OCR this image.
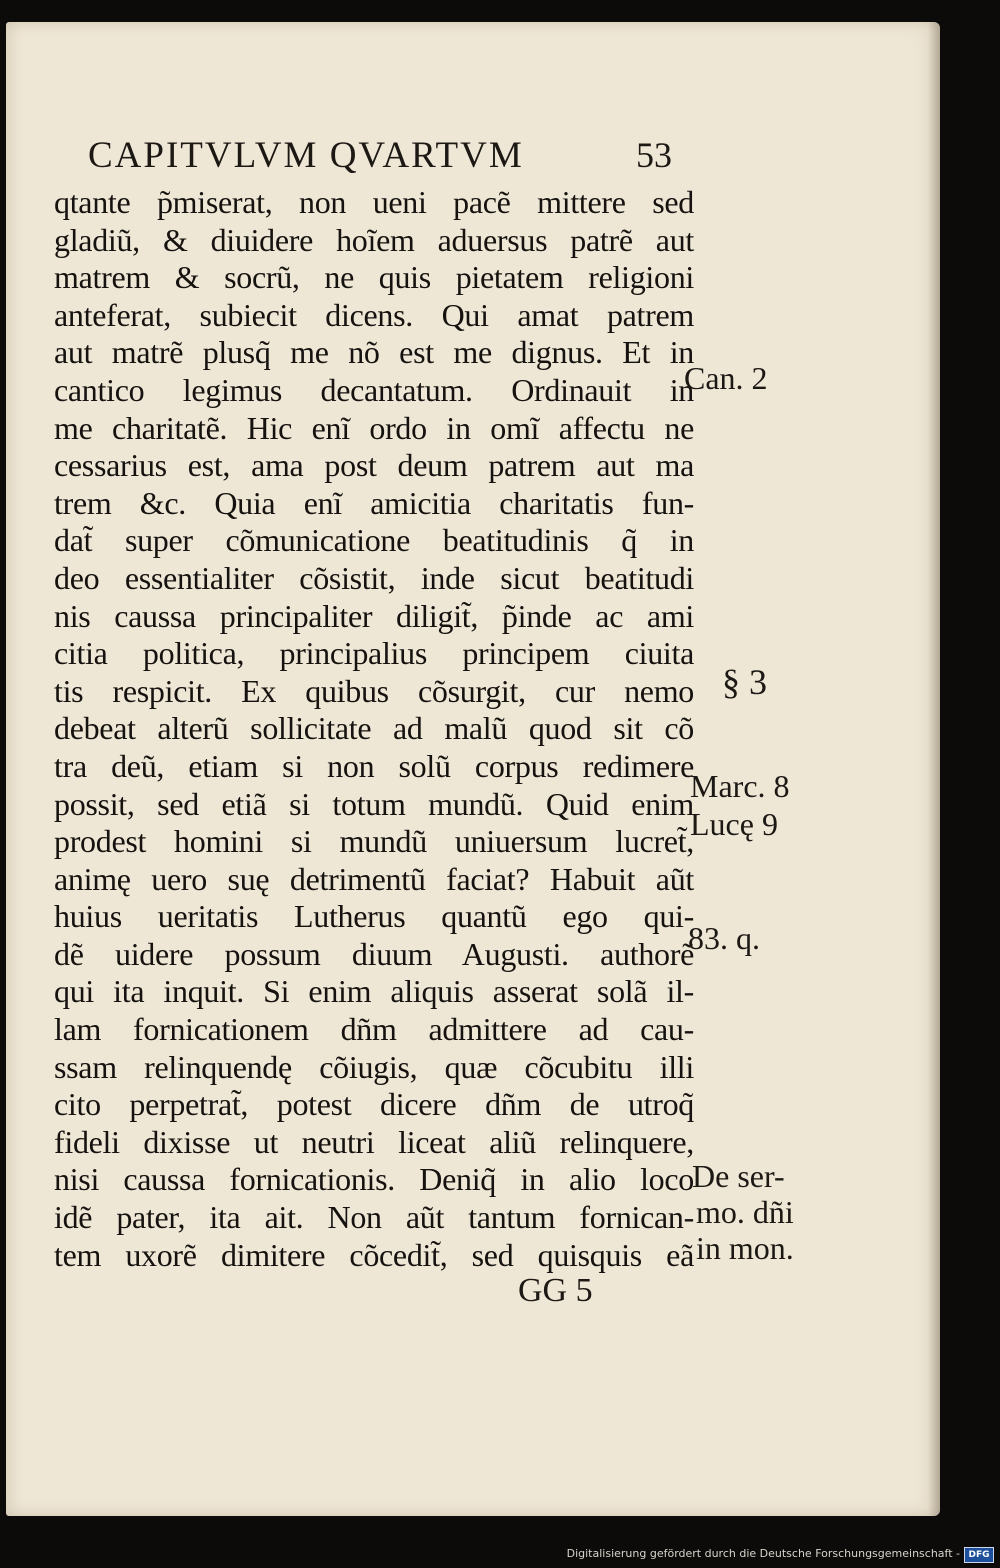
CAPITVLVM QVARTVM	53
qtante p̃miserat, non ueni pacẽ mittere sed
gladiũ, & diuidere hoĩem aduersus patrẽ aut
matrem & socrũ, ne quis pietatem religioni
anteferat, subiecit dicens. Qui amat patrem
aut matrẽ plusq̃ me nõ est me dignus. Et in
cantico legimus decantatum. Ordinauit in
me charitatẽ. Hic enĩ ordo in omĩ affectu ne
cessarius est, ama post deum patrem aut ma
trem &c. Quia enĩ amicitia charitatis fun-
dat̃ super cõmunicatione beatitudinis q̃ in
deo essentialiter cõsistit, inde sicut beatitudi
nis caussa principaliter diligit̃, p̃inde ac ami
citia politica, principalius principem ciuita
tis respicit. Ex quibus cõsurgit, cur nemo
debeat alterũ sollicitate ad malũ quod sit cõ
tra deũ, etiam si non solũ corpus redimere
possit, sed etiã si totum mundũ. Quid enim
prodest homini si mundũ uniuersum lucret̃,
animę uero suę detrimentũ faciat? Habuit aũt
huius ueritatis Lutherus quantũ ego qui-
dẽ uidere possum diuum Augusti. authorẽ
qui ita inquit. Si enim aliquis asserat solã il-
lam fornicationem dñm admittere ad cau-
ssam relinquendę cõiugis, quæ cõcubitu illi
cito perpetrat̃, potest dicere dñm de utroq̃
fideli dixisse ut neutri liceat aliũ relinquere,
nisi caussa fornicationis. Deniq̃ in alio loco
idẽ pater, ita ait. Non aũt tantum fornican-
tem uxorẽ dimitere cõcedit̃, sed quisquis eã
GG 5
Can. 2
§ 3
Marc. 8
Lucę 9
83. q.
De ser-
mo. dñi
in mon.
Digitalisierung gefördert durch die Deutsche Forschungsgemeinschaft - DFG
